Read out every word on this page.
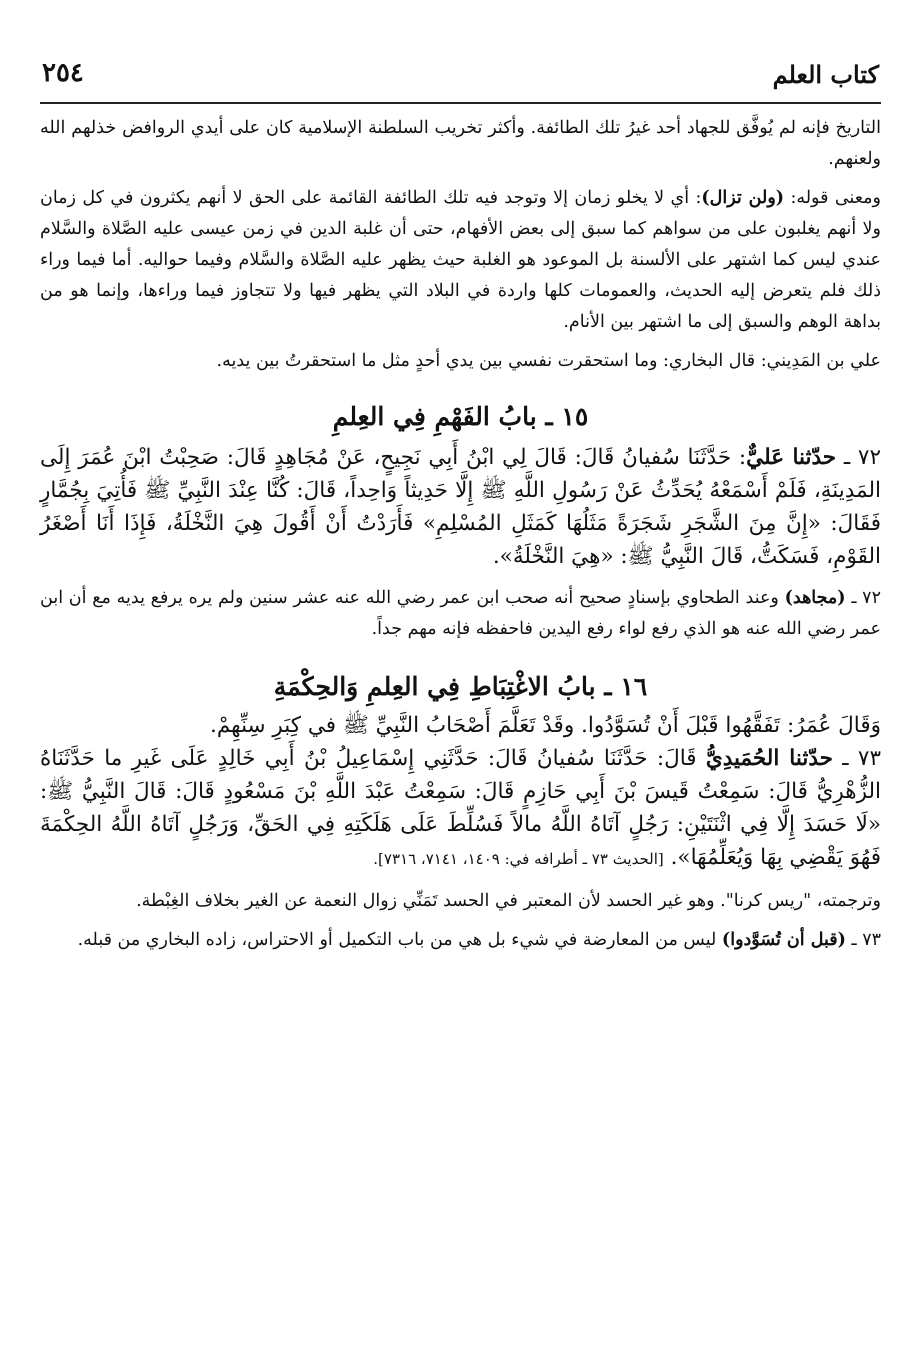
كتاب العلم
٢٥٤

التاريخ فإنه لم يُوفَّق للجهاد أحد غيرُ تلك الطائفة. وأكثر تخريب السلطنة الإسلامية كان على أيدي الروافض خذلهم الله ولعنهم.

ومعنى قوله: (ولن تزال): أي لا يخلو زمان إلا وتوجد فيه تلك الطائفة القائمة على الحق لا أنهم يكثرون في كل زمان ولا أنهم يغلبون على من سواهم كما سبق إلى بعض الأفهام، حتى أن غلبة الدين في زمن عيسى عليه الصَّلاة والسَّلام عندي ليس كما اشتهر على الألسنة بل الموعود هو الغلبة حيث يظهر عليه الصَّلاة والسَّلام وفيما حواليه. أما فيما وراء ذلك فلم يتعرض إليه الحديث، والعمومات كلها واردة في البلاد التي يظهر فيها ولا تتجاوز فيما وراءها، وإنما هو من بداهة الوهم والسبق إلى ما اشتهر بين الأنام.

علي بن المَدِيني: قال البخاري: وما استحقرت نفسي بين يدي أحدٍ مثل ما استحقرتُ بين يديه.

١٥ ـ بابُ الفَهْمِ فِي العِلمِ

٧٢ ـ حدّثنا عَليٌّ: حَدَّثَنَا سُفيانُ قَالَ: قَالَ لِي ابْنُ أَبِي نَجِيحٍ، عَنْ مُجَاهِدٍ قَالَ: صَحِبْتُ ابْنَ عُمَرَ إِلَى المَدِينَةِ، فَلَمْ أَسْمَعْهُ يُحَدِّثُ عَنْ رَسُولِ اللَّهِ ﷺ إِلَّا حَدِيثاً وَاحِداً، قَالَ: كُنَّا عِنْدَ النَّبِيِّ ﷺ فَأُتِيَ بِجُمَّارٍ فَقَالَ: «إِنَّ مِنَ الشَّجَرِ شَجَرَةً مَثَلُهَا كَمَثَلِ المُسْلِمِ» فَأَرَدْتُ أَنْ أَقُولَ هِيَ النَّخْلَةُ، فَإِذَا أَنَا أَصْغَرُ القَوْمِ، فَسَكَتُّ، قَالَ النَّبِيُّ ﷺ: «هِيَ النَّخْلَةُ».

٧٢ ـ (مجاهد) وعند الطحاوي بإسنادٍ صحيح أنه صحب ابن عمر رضي الله عنه عشر سنين ولم يره يرفع يديه مع أن ابن عمر رضي الله عنه هو الذي رفع لواء رفع اليدين فاحفظه فإنه مهم جداً.

١٦ ـ بابُ الاغْتِبَاطِ فِي العِلمِ وَالحِكْمَةِ

وَقَالَ عُمَرُ: تَفَقَّهُوا قَبْلَ أَنْ تُسَوَّدُوا. وقَدْ تَعَلَّمَ أَصْحَابُ النَّبِيِّ ﷺ في كِبَرِ سِنِّهِمْ.

٧٣ ـ حدّثنا الحُمَيدِيُّ قَالَ: حَدَّثَنَا سُفيانُ قَالَ: حَدَّثَنِي إِسْمَاعِيلُ بْنُ أَبِي خَالِدٍ عَلَى غَيرِ ما حَدَّثَنَاهُ الزُّهْرِيُّ قَالَ: سَمِعْتُ قَيسَ بْنَ أَبِي حَازِمٍ قَالَ: سَمِعْتُ عَبْدَ اللَّهِ بْنَ مَسْعُودٍ قَالَ: قَالَ النَّبِيُّ ﷺ: «لَا حَسَدَ إِلَّا فِي اثْنَتَيْنِ: رَجُلٍ آتَاهُ اللَّهُ مالاً فَسُلِّطَ عَلَى هَلَكَتِهِ فِي الحَقِّ، وَرَجُلٍ آتَاهُ اللَّهُ الحِكْمَةَ فَهُوَ يَقْضِي بِهَا وَيُعَلِّمُهَا». [الحديث ٧٣ ـ أطرافه في: ١٤٠٩، ٧١٤١، ٧٣١٦].

وترجمته، "ريس كرنا". وهو غير الحسد لأن المعتبر في الحسد تَمَنِّي زوال النعمة عن الغير بخلاف الغِبْطة.

٧٣ ـ (قبل أن تُسَوَّدوا) ليس من المعارضة في شيء بل هي من باب التكميل أو الاحتراس، زاده البخاري من قبله.
